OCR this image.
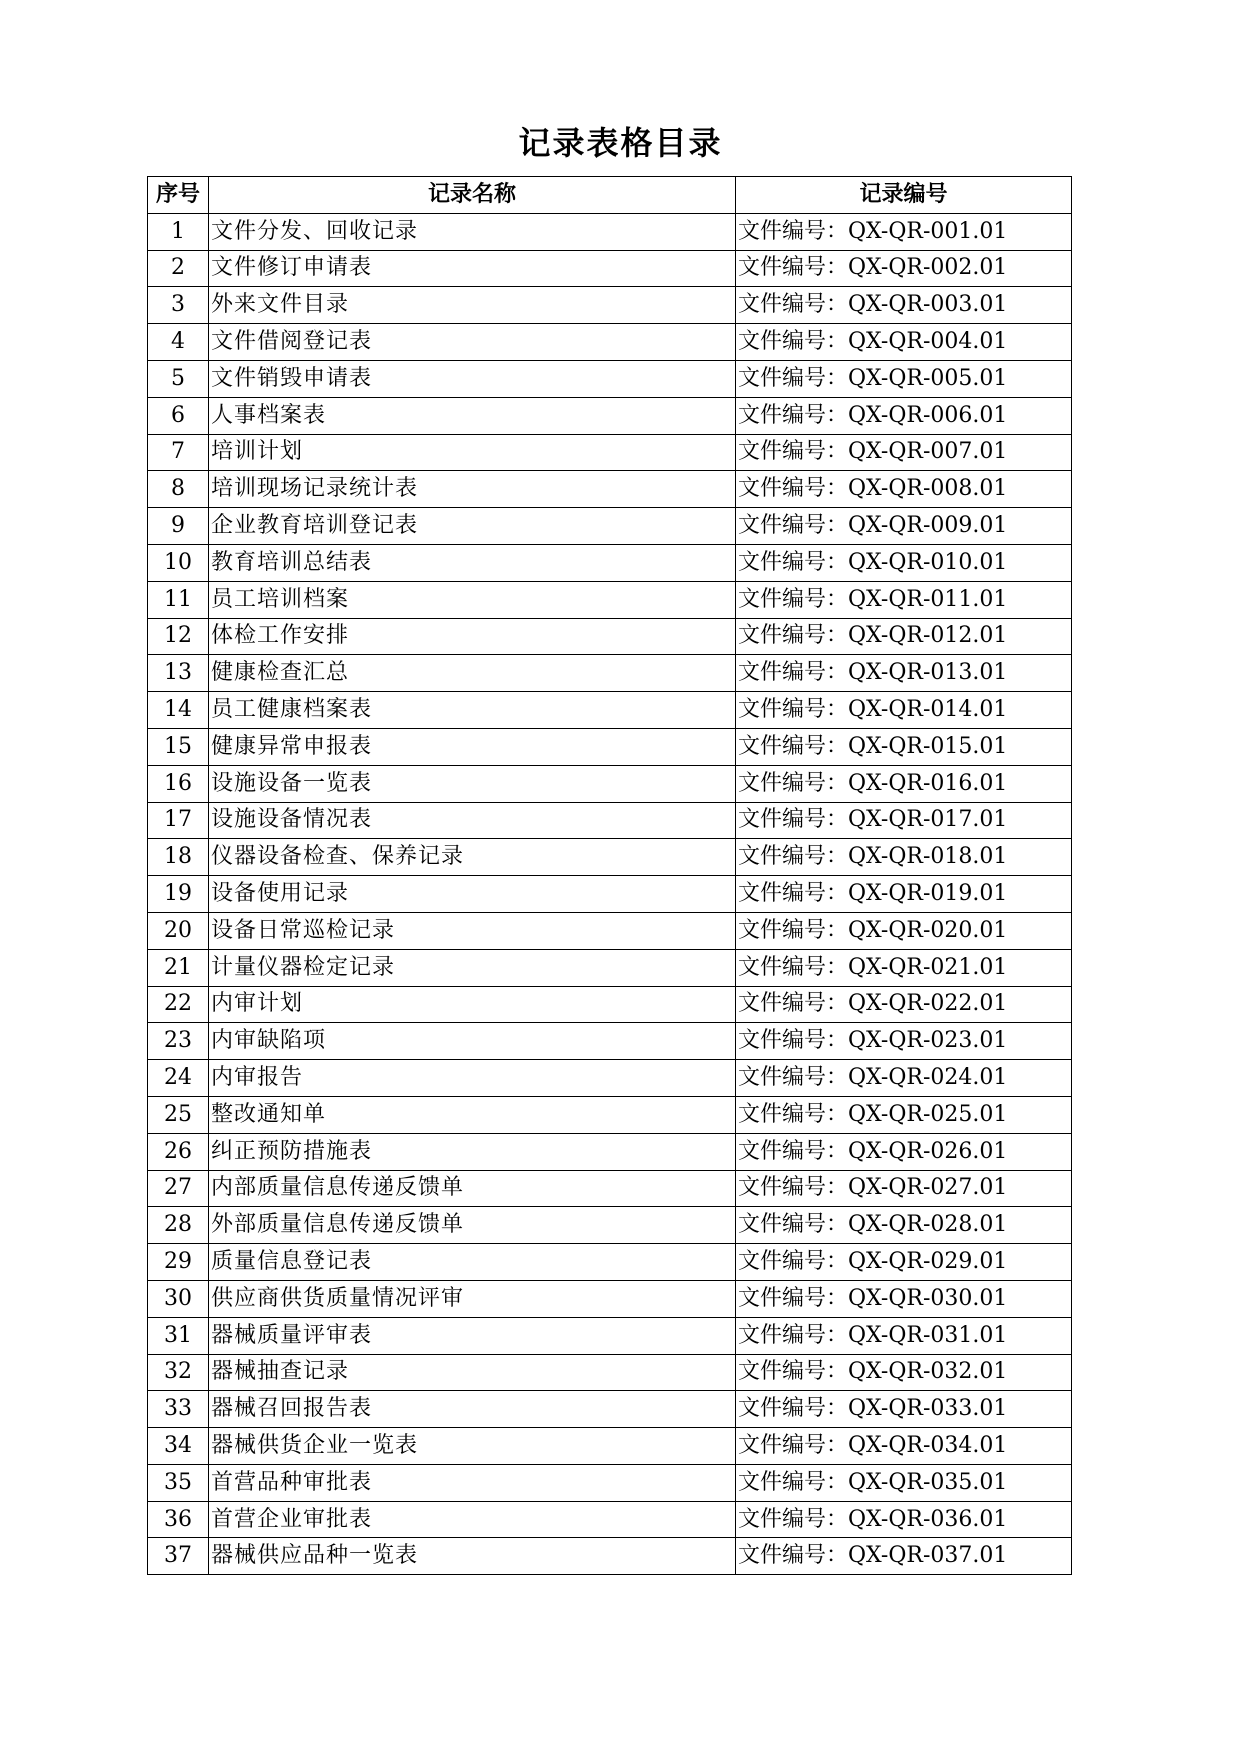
记录表格目录
序号	记录名称	记录编号
1	文件分发、回收记录	文件编号：QX-QR-001.01
2	文件修订申请表	文件编号：QX-QR-002.01
3	外来文件目录	文件编号：QX-QR-003.01
4	文件借阅登记表	文件编号：QX-QR-004.01
5	文件销毁申请表	文件编号：QX-QR-005.01
6	人事档案表	文件编号：QX-QR-006.01
7	培训计划	文件编号：QX-QR-007.01
8	培训现场记录统计表	文件编号：QX-QR-008.01
9	企业教育培训登记表	文件编号：QX-QR-009.01
10	教育培训总结表	文件编号：QX-QR-010.01
11	员工培训档案	文件编号：QX-QR-011.01
12	体检工作安排	文件编号：QX-QR-012.01
13	健康检查汇总	文件编号：QX-QR-013.01
14	员工健康档案表	文件编号：QX-QR-014.01
15	健康异常申报表	文件编号：QX-QR-015.01
16	设施设备一览表	文件编号：QX-QR-016.01
17	设施设备情况表	文件编号：QX-QR-017.01
18	仪器设备检查、保养记录	文件编号：QX-QR-018.01
19	设备使用记录	文件编号：QX-QR-019.01
20	设备日常巡检记录	文件编号：QX-QR-020.01
21	计量仪器检定记录	文件编号：QX-QR-021.01
22	内审计划	文件编号：QX-QR-022.01
23	内审缺陷项	文件编号：QX-QR-023.01
24	内审报告	文件编号：QX-QR-024.01
25	整改通知单	文件编号：QX-QR-025.01
26	纠正预防措施表	文件编号：QX-QR-026.01
27	内部质量信息传递反馈单	文件编号：QX-QR-027.01
28	外部质量信息传递反馈单	文件编号：QX-QR-028.01
29	质量信息登记表	文件编号：QX-QR-029.01
30	供应商供货质量情况评审	文件编号：QX-QR-030.01
31	器械质量评审表	文件编号：QX-QR-031.01
32	器械抽查记录	文件编号：QX-QR-032.01
33	器械召回报告表	文件编号：QX-QR-033.01
34	器械供货企业一览表	文件编号：QX-QR-034.01
35	首营品种审批表	文件编号：QX-QR-035.01
36	首营企业审批表	文件编号：QX-QR-036.01
37	器械供应品种一览表	文件编号：QX-QR-037.01
